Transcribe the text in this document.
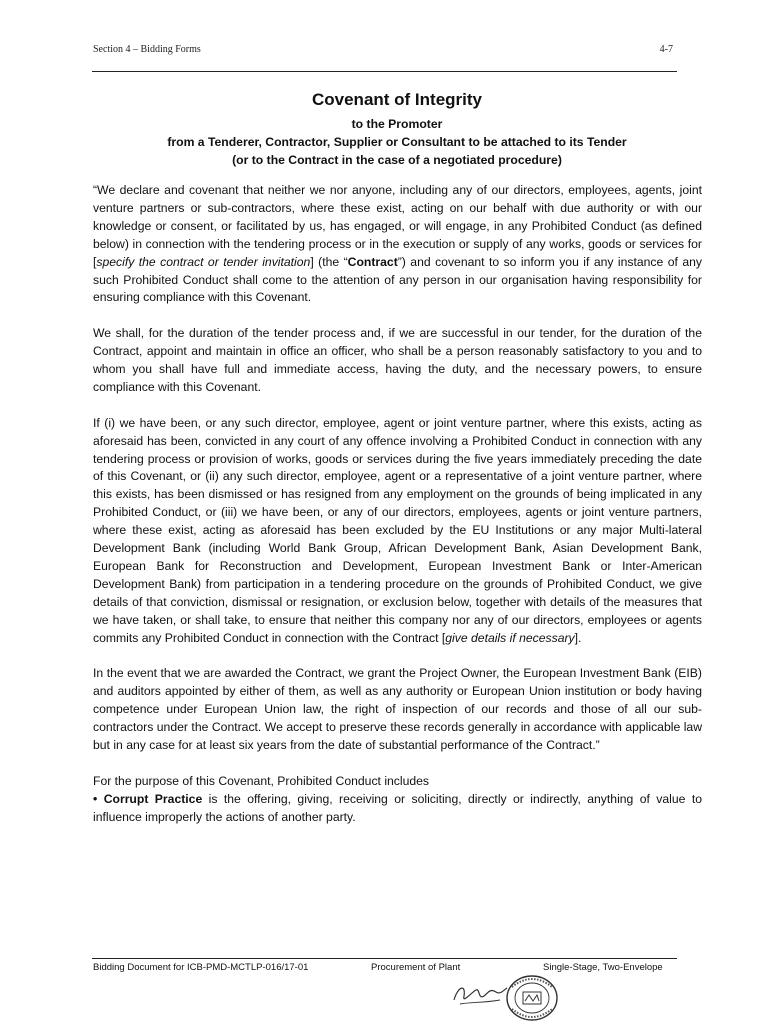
Section 4 – Bidding Forms	4-7
Covenant of Integrity
to the Promoter
from a Tenderer, Contractor, Supplier or Consultant to be attached to its Tender
(or to the Contract in the case of a negotiated procedure)

“We declare and covenant that neither we nor anyone, including any of our directors, employees, agents, joint venture partners or sub-contractors, where these exist, acting on our behalf with due authority or with our knowledge or consent, or facilitated by us, has engaged, or will engage, in any Prohibited Conduct (as defined below) in connection with the tendering process or in the execution or supply of any works, goods or services for [specify the contract or tender invitation] (the “Contract”) and covenant to so inform you if any instance of any such Prohibited Conduct shall come to the attention of any person in our organisation having responsibility for ensuring compliance with this Covenant.

We shall, for the duration of the tender process and, if we are successful in our tender, for the duration of the Contract, appoint and maintain in office an officer, who shall be a person reasonably satisfactory to you and to whom you shall have full and immediate access, having the duty, and the necessary powers, to ensure compliance with this Covenant.

If (i) we have been, or any such director, employee, agent or joint venture partner, where this exists, acting as aforesaid has been, convicted in any court of any offence involving a Prohibited Conduct in connection with any tendering process or provision of works, goods or services during the five years immediately preceding the date of this Covenant, or (ii) any such director, employee, agent or a representative of a joint venture partner, where this exists, has been dismissed or has resigned from any employment on the grounds of being implicated in any Prohibited Conduct, or (iii) we have been, or any of our directors, employees, agents or joint venture partners, where these exist, acting as aforesaid has been excluded by the EU Institutions or any major Multi-lateral Development Bank (including World Bank Group, African Development Bank, Asian Development Bank, European Bank for Reconstruction and Development, European Investment Bank or Inter-American Development Bank) from participation in a tendering procedure on the grounds of Prohibited Conduct, we give details of that conviction, dismissal or resignation, or exclusion below, together with details of the measures that we have taken, or shall take, to ensure that neither this company nor any of our directors, employees or agents commits any Prohibited Conduct in connection with the Contract [give details if necessary].

In the event that we are awarded the Contract, we grant the Project Owner, the European Investment Bank (EIB) and auditors appointed by either of them, as well as any authority or European Union institution or body having competence under European Union law, the right of inspection of our records and those of all our sub-contractors under the Contract. We accept to preserve these records generally in accordance with applicable law but in any case for at least six years from the date of substantial performance of the Contract.”

For the purpose of this Covenant, Prohibited Conduct includes

• Corrupt Practice is the offering, giving, receiving or soliciting, directly or indirectly, anything of value to influence improperly the actions of another party.

Bidding Document for ICB-PMD-MCTLP-016/17-01	Procurement of Plant	Single-Stage, Two-Envelope
